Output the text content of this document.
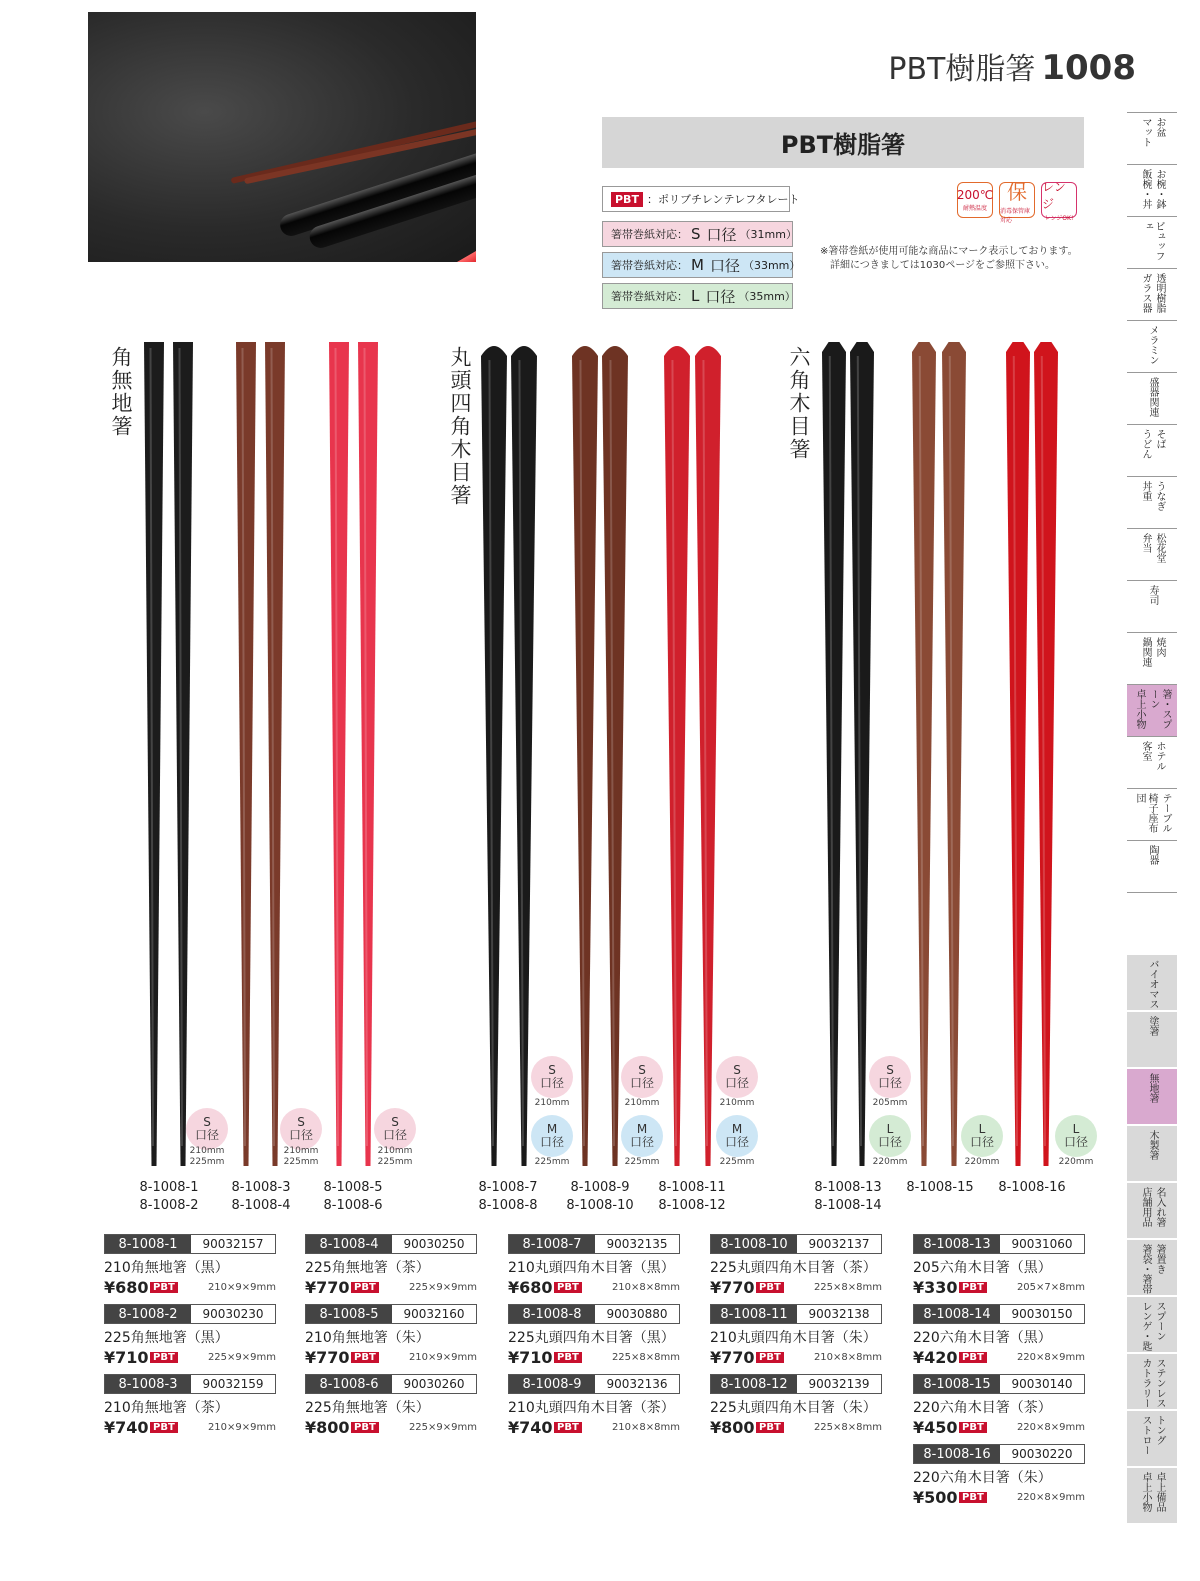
PBT樹脂箸 1008
PBT樹脂箸
PBT ：ポリブチレンテレフタレート
箸帯巻紙対応： S 口径 （31mm）
箸帯巻紙対応： M 口径 （33mm）
箸帯巻紙対応： L 口径 （35mm）
200℃
耐熱温度
保
消毒保管庫対応
レンジ
レンジOK!
※箸帯巻紙が使用可能な商品にマーク表示しております。
詳細につきましては1030ページをご参照下さい。
角無地箸	丸頭四角木目箸	六角木目箸
S
口径
210mm
225mm
S
口径
210mm
225mm
S
口径
210mm
225mm
8-1008-1
8-1008-2
8-1008-3
8-1008-4
8-1008-5
8-1008-6
S
口径
210mm
M
口径
225mm
S
口径
210mm
M
口径
225mm
S
口径
210mm
M
口径
225mm
8-1008-7
8-1008-8
8-1008-9
8-1008-10
8-1008-11
8-1008-12
S
口径
205mm
L
口径
220mm
L
口径
220mm
L
口径
220mm
8-1008-13
8-1008-14
8-1008-15	8-1008-16
8-1008-1	90032157
210角無地箸（黒）
¥680 PBT	210×9×9mm
8-1008-2	90030230
225角無地箸（黒）
¥710 PBT	225×9×9mm
8-1008-3	90032159
210角無地箸（茶）
¥740 PBT	210×9×9mm
8-1008-4	90030250
225角無地箸（茶）
¥770 PBT	225×9×9mm
8-1008-5	90032160
210角無地箸（朱）
¥770 PBT	210×9×9mm
8-1008-6	90030260
225角無地箸（朱）
¥800 PBT	225×9×9mm
8-1008-7	90032135
210丸頭四角木目箸（黒）
¥680 PBT	210×8×8mm
8-1008-8	90030880
225丸頭四角木目箸（黒）
¥710 PBT	225×8×8mm
8-1008-9	90032136
210丸頭四角木目箸（茶）
¥740 PBT	210×8×8mm
8-1008-10	90032137
225丸頭四角木目箸（茶）
¥770 PBT	225×8×8mm
8-1008-11	90032138
210丸頭四角木目箸（朱）
¥770 PBT	210×8×8mm
8-1008-12	90032139
225丸頭四角木目箸（朱）
¥800 PBT	225×8×8mm
8-1008-13	90031060
205六角木目箸（黒）
¥330 PBT	205×7×8mm
8-1008-14	90030150
220六角木目箸（黒）
¥420 PBT	220×8×9mm
8-1008-15	90030140
220六角木目箸（茶）
¥450 PBT	220×8×9mm
8-1008-16	90030220
220六角木目箸（朱）
¥500 PBT	220×8×9mm
お盆
マット
お椀・鉢
飯椀・丼
ビュッフェ
透明樹脂
ガラス器
メラミン
盛器関連
そば
うどん
うなぎ
丼重
松花堂
弁当
寿司
焼肉
鍋関連
箸・スプーン
卓上小物
ホテル
客室
テーブル
椅子座布団
陶器
バイオマス
塗箸
無地箸
木製箸
名入れ箸
店舗用品
箸置き
箸袋・箸帯
スプーン
レンゲ・匙
ステンレス
カトラリー
トング
ストロー
卓上備品
卓上小物
